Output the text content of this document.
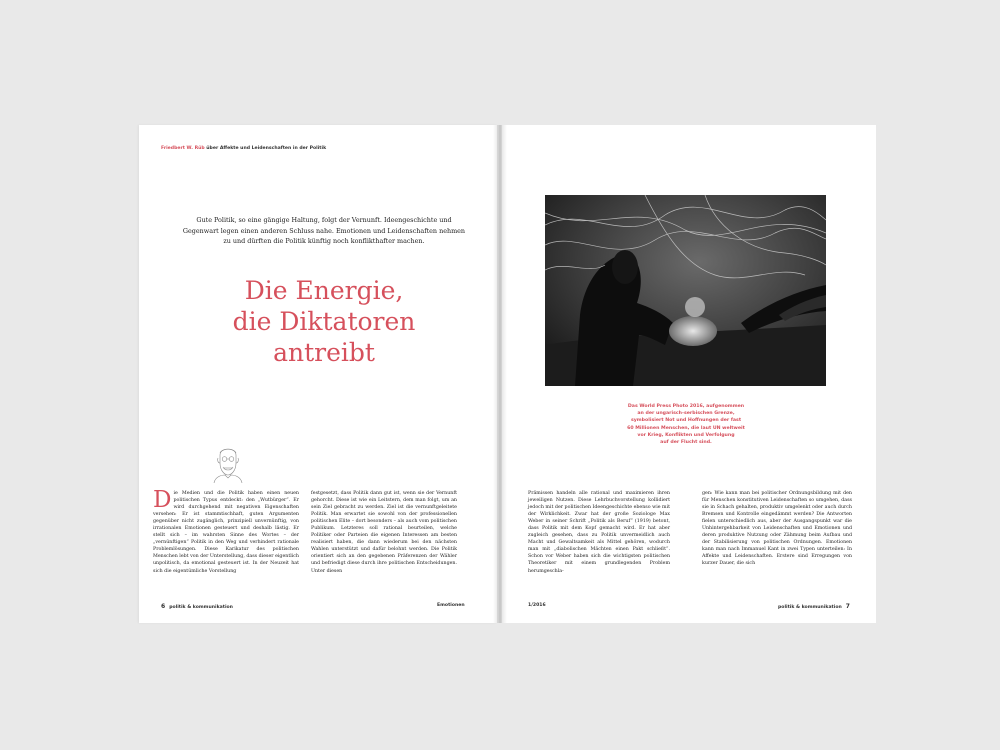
Friedbert W. Rüb über Affekte und Leidenschaften in der Politik
Gute Politik, so eine gängige Haltung, folgt der Vernunft. Ideengeschichte und Gegenwart legen einen anderen Schluss nahe. Emotionen und Leidenschaften nehmen zu und dürften die Politik künftig noch konflikthafter machen.
Die Energie,
die Diktatoren
antreibt
Die Medien und die Politik haben einen neuen politischen Typus entdeckt: den „Wutbürger“. Er wird durchgehend mit negativen Eigenschaften versehen: Er ist stammtischhaft, guten Argumenten gegenüber nicht zugänglich, prinzipiell unvernünftig, von irrationalen Emotionen gesteuert und deshalb lästig. Er stellt sich – im wahrsten Sinne des Wortes – der „vernünftigen“ Politik in den Weg und verhindert rationale Problemlösungen. Diese Karikatur des politischen Menschen lebt von der Unterstellung, dass dieser eigentlich unpolitisch, da emotional gesteuert ist. In der Neuzeit hat sich die eigentümliche Vorstellung
festgesetzt, dass Politik dann gut ist, wenn sie der Vernunft gehorcht. Diese ist wie ein Leitstern, dem man folgt, um an sein Ziel gebracht zu werden. Ziel ist die vernunftgeleitete Politik. Man erwartet sie sowohl von der professionellen politischen Elite – dort besonders – als auch vom politischen Publikum. Letzteres soll rational beurteilen, welche Politiker oder Parteien die eigenen Interessen am besten realisiert haben, die dann wiederum bei den nächsten Wahlen unterstützt und dafür belohnt werden. Die Politik orientiert sich an den gegebenen Präferenzen der Wähler und befriedigt diese durch ihre politischen Entscheidungen. Unter diesen
6 politik & kommunikation	Emotionen
Das World Press Photo 2016, aufgenommen
an der ungarisch-serbischen Grenze,
symbolisiert Not und Hoffnungen der fast
60 Millionen Menschen, die laut UN weltweit
vor Krieg, Konflikten und Verfolgung
auf der Flucht sind.
Prämissen handeln alle rational und maximieren ihren jeweiligen Nutzen. Diese Lehrbuchvorstellung kollidiert jedoch mit der politischen Ideengeschichte ebenso wie mit der Wirklichkeit. Zwar hat der große Soziologe Max Weber in seiner Schrift „Politik als Beruf“ (1919) betont, dass Politik mit dem Kopf gemacht wird. Er hat aber zugleich gesehen, dass zu Politik unvermeidlich auch Macht und Gewaltsamkeit als Mittel gehören, wodurch man mit „diabolischen Mächten einen Pakt schließt“. Schon vor Weber haben sich die wichtigsten politischen Theoretiker mit einem grundlegenden Problem herumgeschla-
gen: Wie kann man bei politischer Ordnungsbildung mit den für Menschen konstitutiven Leidenschaften so umgehen, dass sie in Schach gehalten, produktiv umgelenkt oder auch durch Bremsen und Kontrolle eingedämmt werden? Die Antworten fielen unterschiedlich aus, aber der Ausgangspunkt war die Unhintergehbarkeit von Leidenschaften und Emotionen und deren produktive Nutzung oder Zähmung beim Aufbau und der Stabilisierung von politischen Ordnungen. Emotionen kann man nach Immanuel Kant in zwei Typen unterteilen: In Affekte und Leidenschaften. Erstere sind Erregungen von kurzer Dauer, die sich
1/2016	politik & kommunikation 7
